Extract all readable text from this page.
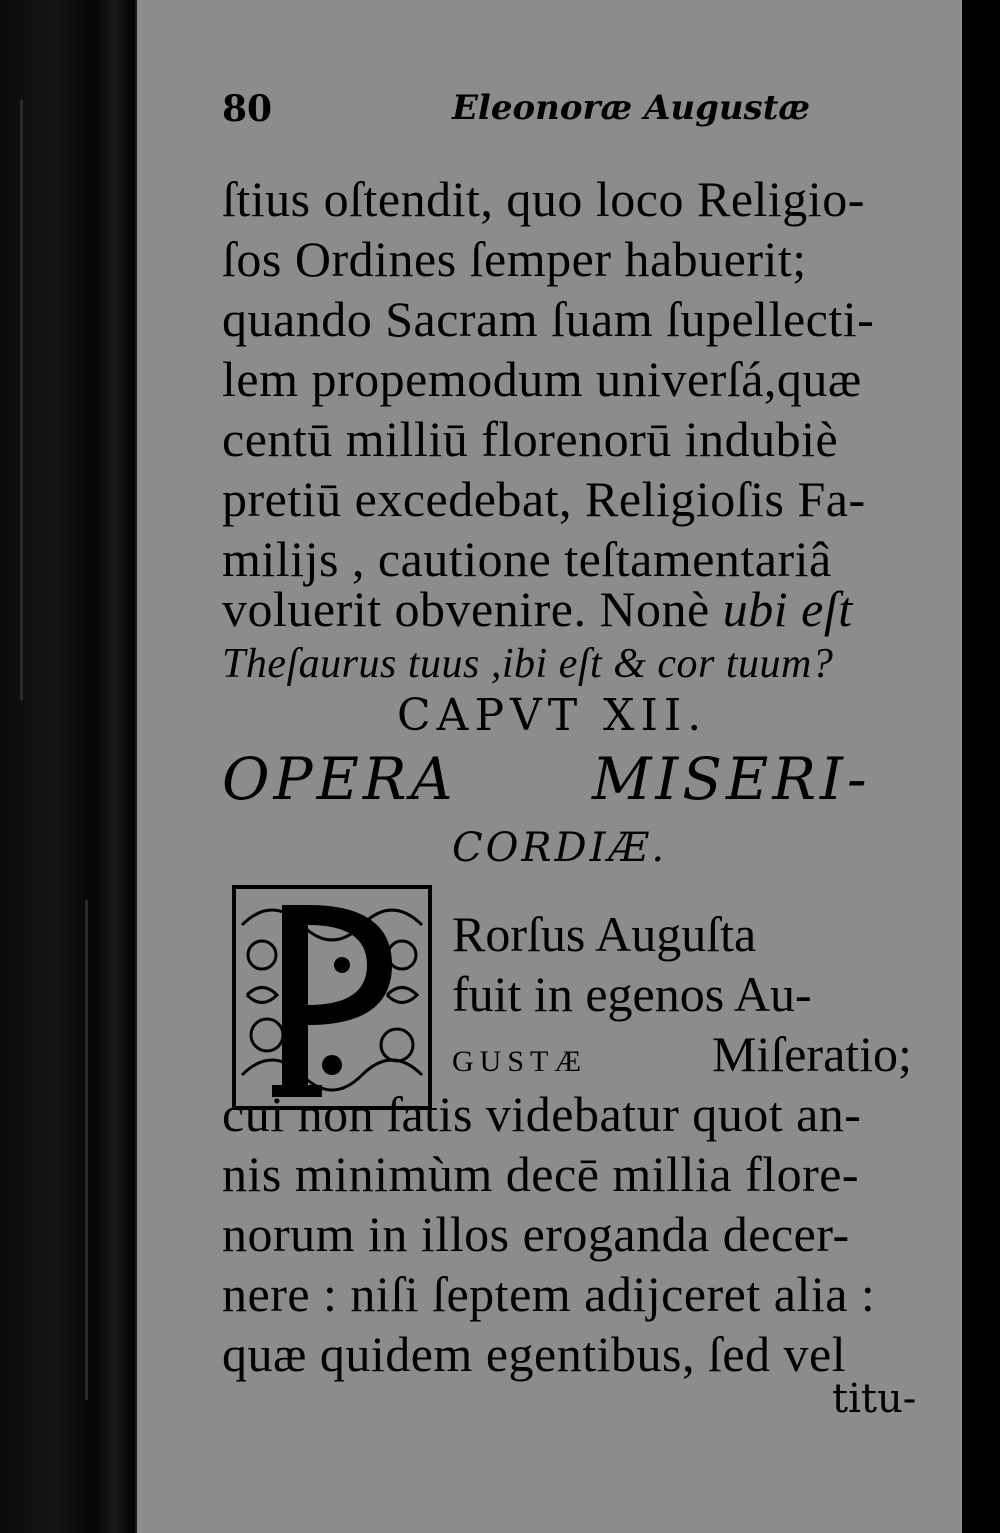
80	Eleonoræ Augustæ
ſtius oſtendit, quo loco Religio-
ſos Ordines ſemper habuerit;
quando Sacram ſuam ſupellecti-
lem propemodum univerſá,quæ
centū milliū florenorū indubiè
pretiū excedebat, Religioſis Fa-
milijs , cautione teſtamentariâ
voluerit obvenire. Nonè ubi eſt
Theſaurus tuus ,ibi eſt & cor tuum?
CAPVT XII.
OPERA MISERI-
CORDIÆ.
Rorſus Auguſta
fuit in egenos Au-
GUSTÆ Miſeratio;
cui non ſatis videbatur quot an-
nis minimùm decē millia flore-
norum in illos eroganda decer-
nere : niſi ſeptem adijceret alia :
quæ quidem egentibus, ſed vel
titu-
